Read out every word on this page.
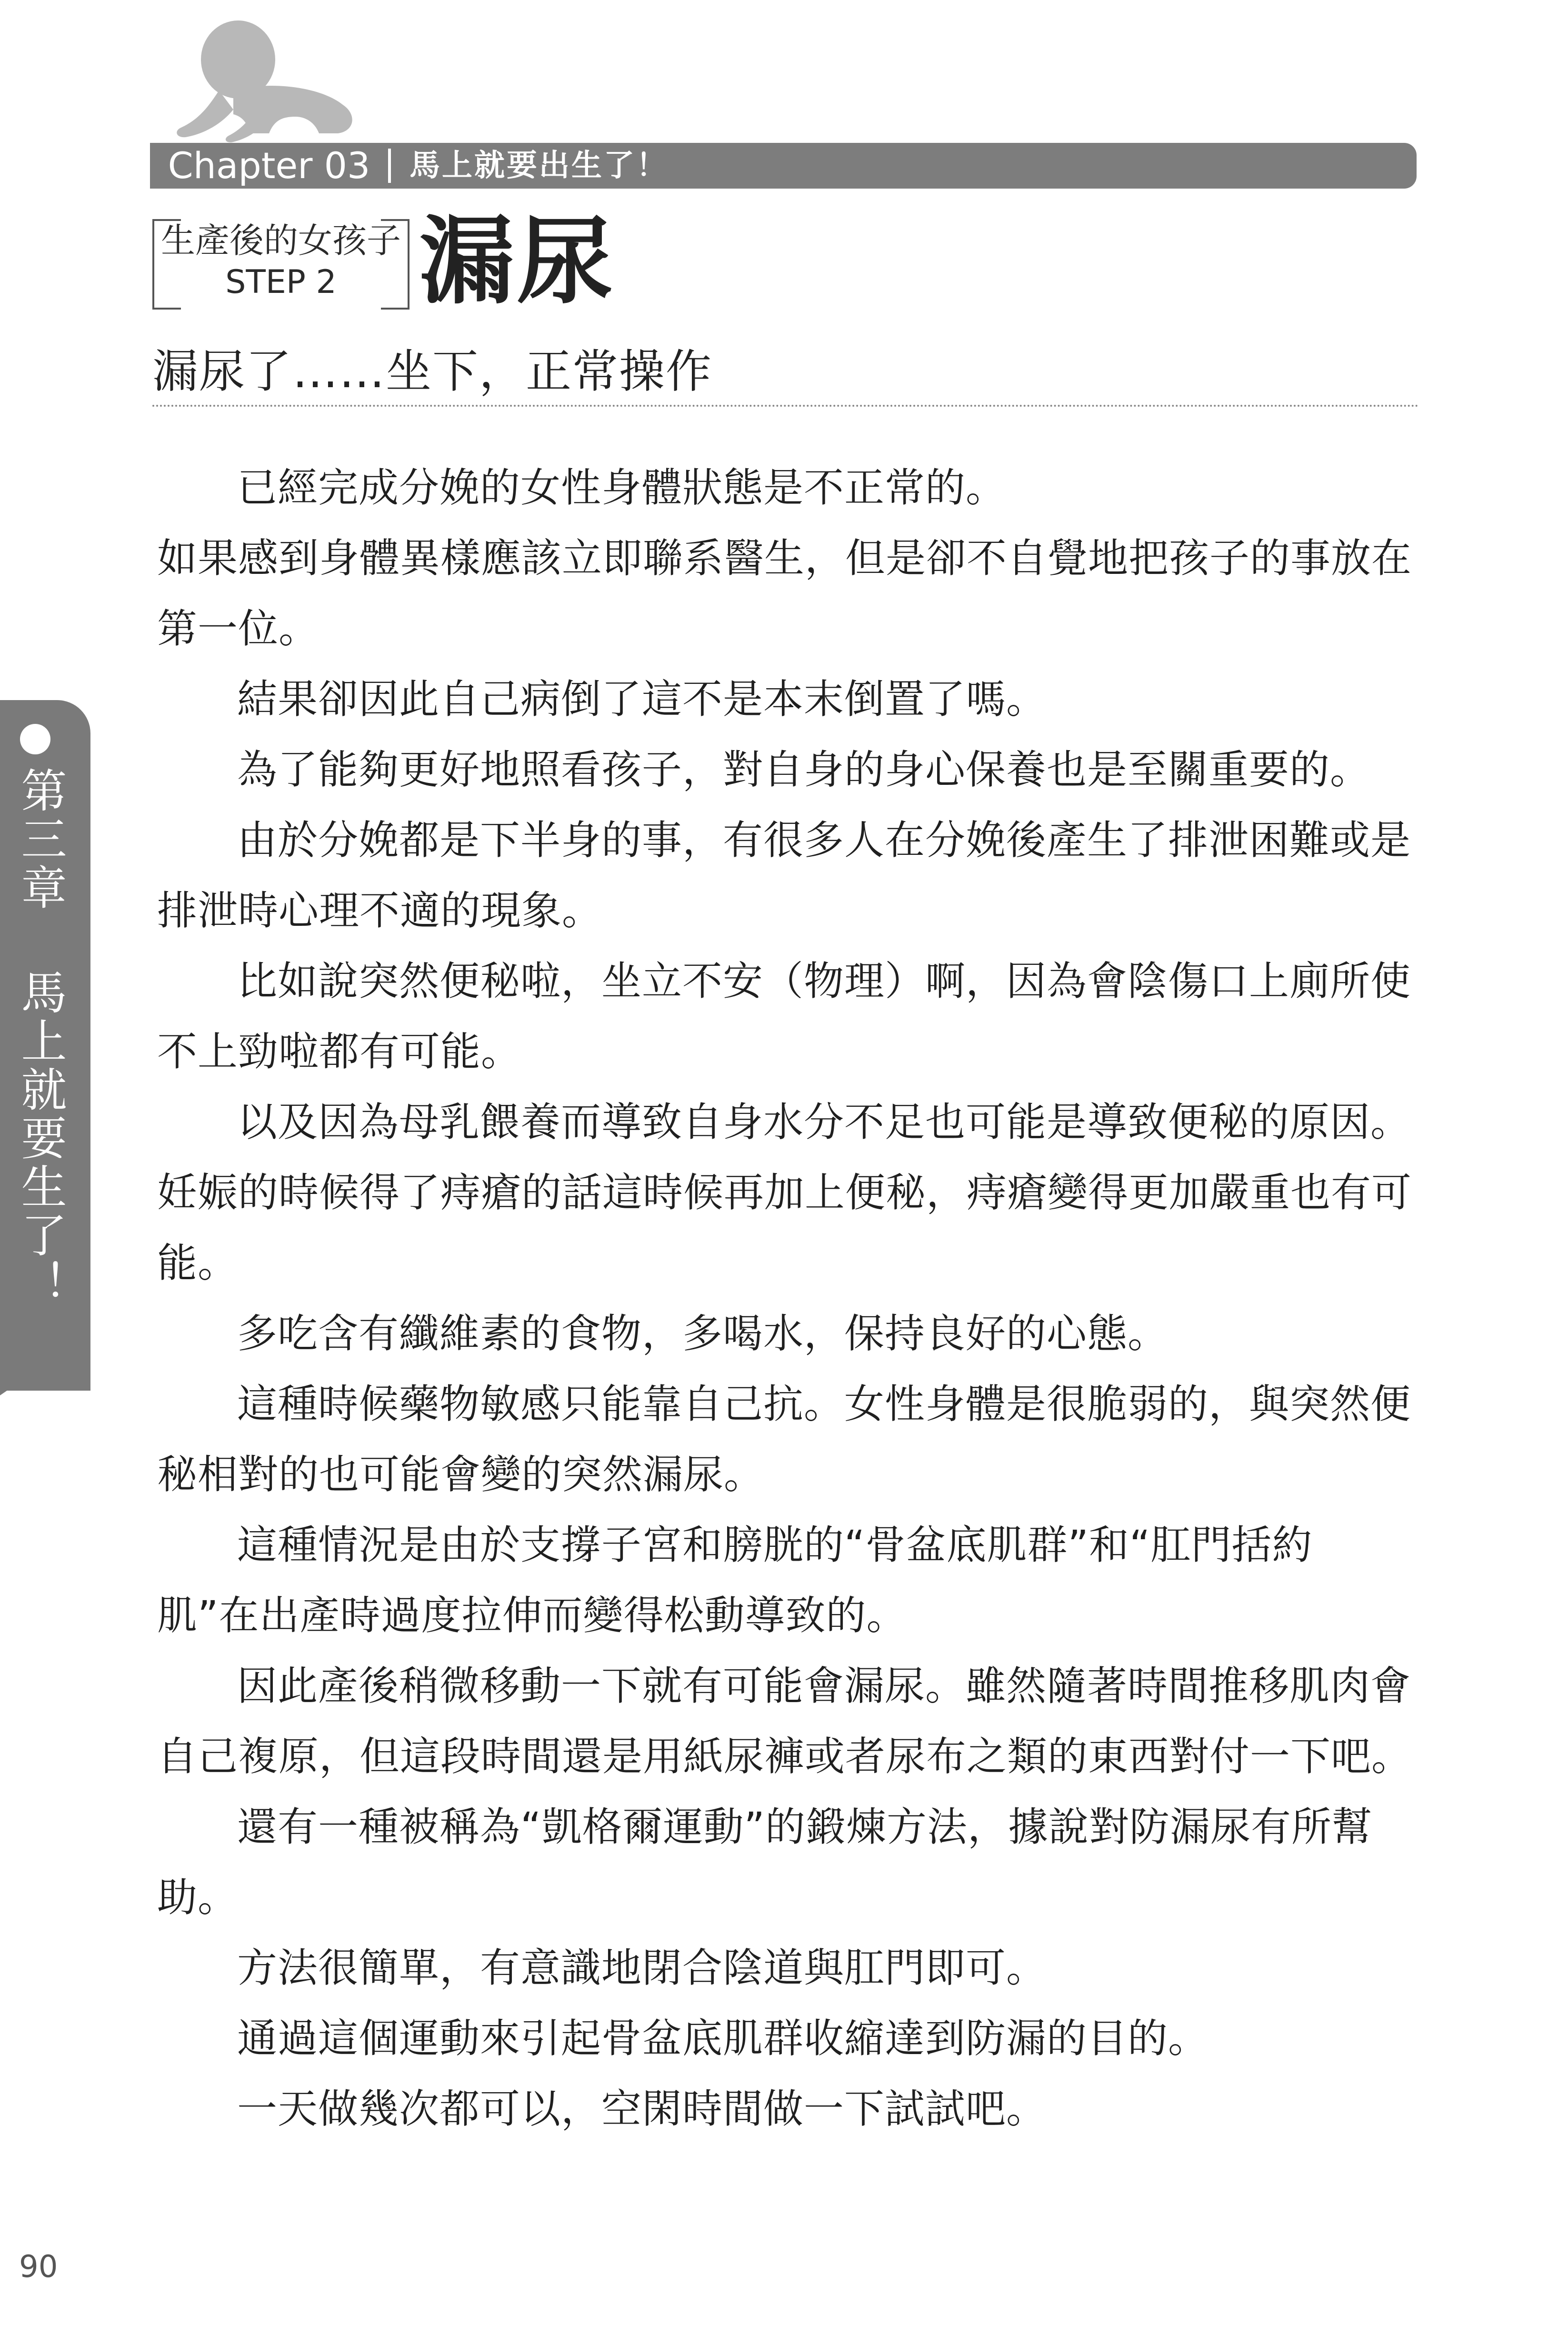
Chapter 03	馬上就要出生了！
生產後的女孩子
STEP 2 漏尿
漏尿了……坐下，正常操作

已經完成分娩的女性身體狀態是不正常的。

如果感到身體異樣應該立即聯系醫生，但是卻不自覺地把孩子的事放在第一位。

結果卻因此自己病倒了這不是本末倒置了嗎。

為了能夠更好地照看孩子，對自身的身心保養也是至關重要的。

由於分娩都是下半身的事，有很多人在分娩後產生了排泄困難或是排泄時心理不適的現象。

比如說突然便秘啦，坐立不安（物理）啊，因為會陰傷口上廁所使不上勁啦都有可能。

以及因為母乳餵養而導致自身水分不足也可能是導致便秘的原因。

妊娠的時候得了痔瘡的話這時候再加上便秘，痔瘡變得更加嚴重也有可能。

多吃含有纖維素的食物，多喝水，保持良好的心態。

這種時候藥物敏感只能靠自己抗。女性身體是很脆弱的，與突然便秘相對的也可能會變的突然漏尿。

這種情況是由於支撐子宮和膀胱的“骨盆底肌群”和“肛門括約肌”在出產時過度拉伸而變得松動導致的。

因此產後稍微移動一下就有可能會漏尿。雖然隨著時間推移肌肉會自己複原，但這段時間還是用紙尿褲或者尿布之類的東西對付一下吧。

還有一種被稱為“凱格爾運動”的鍛煉方法，據說對防漏尿有所幫助。

方法很簡單，有意識地閉合陰道與肛門即可。

通過這個運動來引起骨盆底肌群收縮達到防漏的目的。

一天做幾次都可以，空閑時間做一下試試吧。

第三章 馬上就要生了！
90
